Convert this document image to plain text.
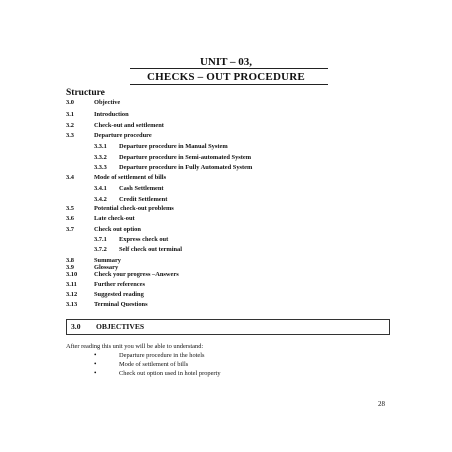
UNIT – 03,
CHECKS – OUT PROCEDURE
Structure
3.0	Objective
3.1	Introduction
3.2	Check-out and settlement
3.3	Departure procedure
3.3.1 Departure procedure in Manual System
3.3.2 Departure procedure in Semi-automated System
3.3.3 Departure procedure in Fully Automated System
3.4	Mode of settlement of bills
3.4.1 Cash Settlement
3.4.2 Credit Settlement
3.5	Potential check-out problems
3.6	Late check-out
3.7	Check out option
3.7.1 Express check out
3.7.2 Self check out terminal
3.8	Summary
3.9	Glossary
3.10	Check your progress –Answers
3.11	Further references
3.12	Suggested reading
3.13	Terminal Questions
3.0 OBJECTIVES
After reading this unit you will be able to understand:
•	Departure procedure in the hotels
•	Mode of settlement of bills
•	Check out option used in hotel property
28
